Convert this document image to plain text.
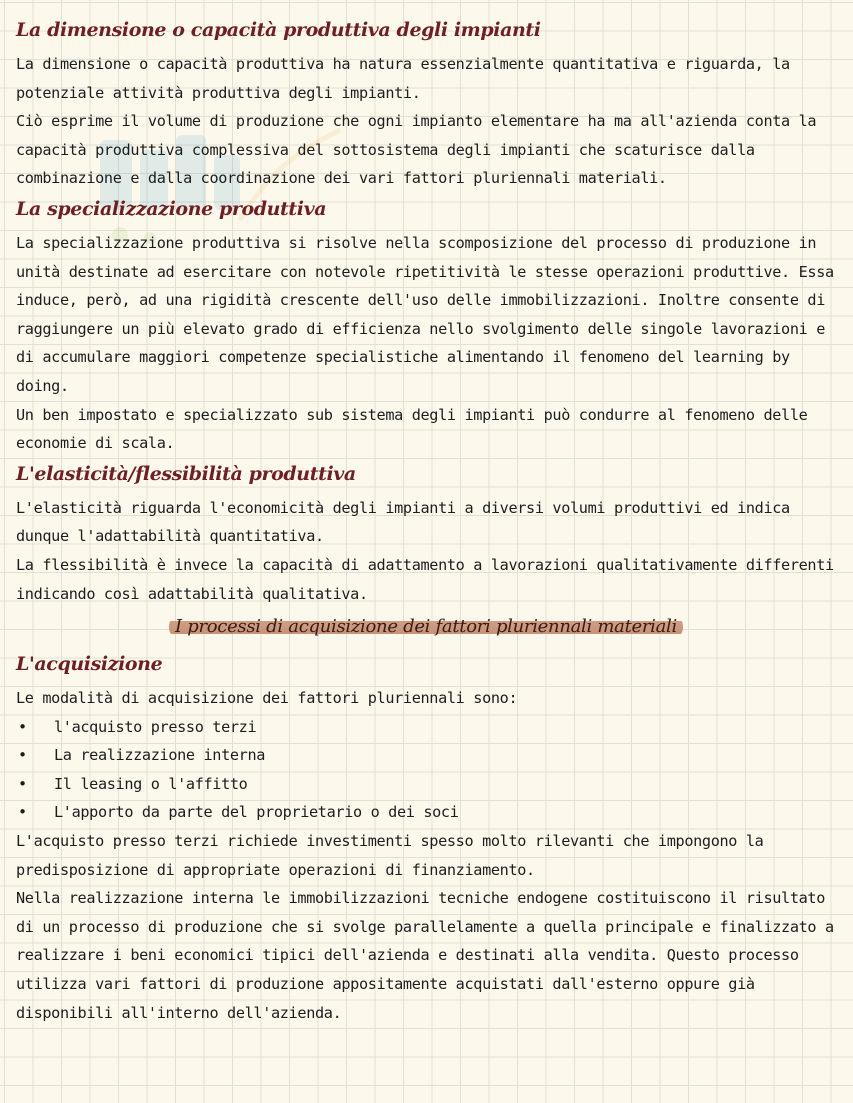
La dimensione o capacità produttiva degli impianti

La dimensione o capacità produttiva ha natura essenzialmente quantitativa e riguarda, la potenziale attività produttiva degli impianti.

Ciò esprime il volume di produzione che ogni impianto elementare ha ma all'azienda conta la capacità produttiva complessiva del sottosistema degli impianti che scaturisce dalla combinazione e dalla coordinazione dei vari fattori pluriennali materiali.

La specializzazione produttiva

La specializzazione produttiva si risolve nella scomposizione del processo di produzione in unità destinate ad esercitare con notevole ripetitività le stesse operazioni produttive. Essa induce, però, ad una rigidità crescente dell'uso delle immobilizzazioni. Inoltre consente di raggiungere un più elevato grado di efficienza nello svolgimento delle singole lavorazioni e di accumulare maggiori competenze specialistiche alimentando il fenomeno del learning by doing.

Un ben impostato e specializzato sub sistema degli impianti può condurre al fenomeno delle economie di scala.

L'elasticità/flessibilità produttiva

L'elasticità riguarda l'economicità degli impianti a diversi volumi produttivi ed indica dunque l'adattabilità quantitativa.

La flessibilità è invece la capacità di adattamento a lavorazioni qualitativamente differenti indicando così adattabilità qualitativa.

I processi di acquisizione dei fattori pluriennali materiali
L'acquisizione

Le modalità di acquisizione dei fattori pluriennali sono:

• l'acquisto presso terzi
• La realizzazione interna
• Il leasing o l'affitto
• L'apporto da parte del proprietario o dei soci

L'acquisto presso terzi richiede investimenti spesso molto rilevanti che impongono la predisposizione di appropriate operazioni di finanziamento.

Nella realizzazione interna le immobilizzazioni tecniche endogene costituiscono il risultato di un processo di produzione che si svolge parallelamente a quella principale e finalizzato a realizzare i beni economici tipici dell'azienda e destinati alla vendita. Questo processo utilizza vari fattori di produzione appositamente acquistati dall'esterno oppure già disponibili all'interno dell'azienda.
